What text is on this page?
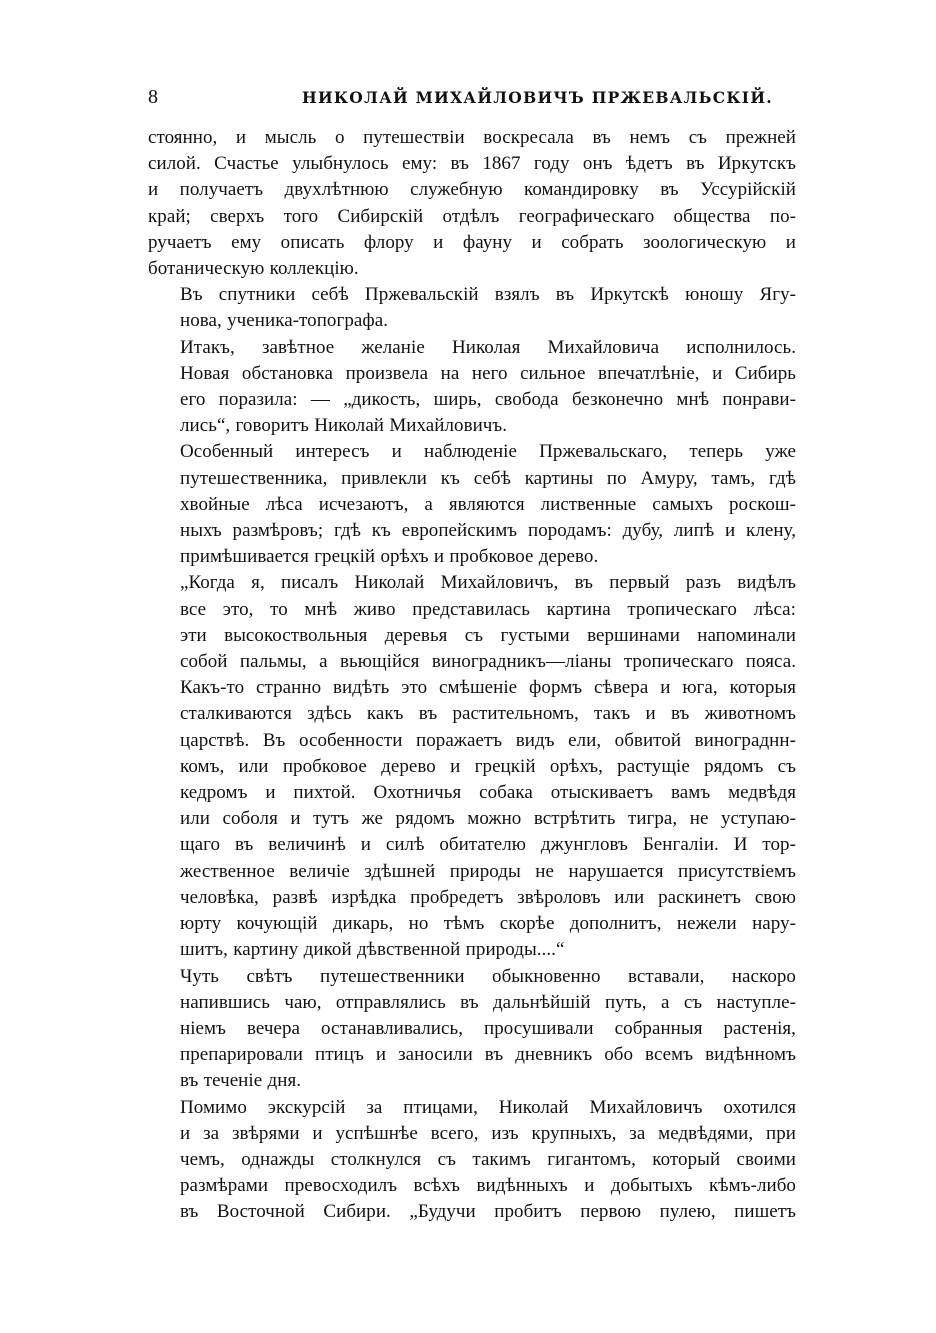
8	НИКОЛАЙ МИХАЙЛОВИЧЪ ПРЖЕВАЛЬСКІЙ.

стоянно, и мысль о путешествіи воскресала въ немъ съ прежней
силой. Счастье улыбнулось ему: въ 1867 году онъ ѣдетъ въ Иркутскъ
и получаетъ двухлѣтнюю служебную командировку въ Уссурійскій
край; сверхъ того Сибирскій отдѣлъ географическаго общества по-
ручаетъ ему описать флору и фауну и собрать зоологическую и
ботаническую коллекцію.

Въ спутники себѣ Пржевальскій взялъ въ Иркутскѣ юношу Ягу-
нова, ученика-топографа.

Итакъ, завѣтное желаніе Николая Михайловича исполнилось.
Новая обстановка произвела на него сильное впечатлѣніе, и Сибирь
его поразила: — „дикость, ширь, свобода безконечно мнѣ понрави-
лись“, говоритъ Николай Михайловичъ.

Особенный интересъ и наблюденіе Пржевальскаго, теперь уже
путешественника, привлекли къ себѣ картины по Амуру, тамъ, гдѣ
хвойные лѣса исчезаютъ, а являются лиственные самыхъ роскош-
ныхъ размѣровъ; гдѣ къ европейскимъ породамъ: дубу, липѣ и клену,
примѣшивается грецкій орѣхъ и пробковое дерево.

„Когда я, писалъ Николай Михайловичъ, въ первый разъ видѣлъ
все это, то мнѣ живо представилась картина тропическаго лѣса:
эти высокоствольныя деревья съ густыми вершинами напоминали
собой пальмы, а вьющійся виноградникъ—ліаны тропическаго пояса.
Какъ-то странно видѣть это смѣшеніе формъ сѣвера и юга, которыя
сталкиваются здѣсь какъ въ растительномъ, такъ и въ животномъ
царствѣ. Въ особенности поражаетъ видъ ели, обвитой винограднн-
комъ, или пробковое дерево и грецкій орѣхъ, растущіе рядомъ съ
кедромъ и пихтой. Охотничья собака отыскиваетъ вамъ медвѣдя
или соболя и тутъ же рядомъ можно встрѣтить тигра, не уступаю-
щаго въ величинѣ и силѣ обитателю джунгловъ Бенгаліи. И тор-
жественное величіе здѣшней природы не нарушается присутствіемъ
человѣка, развѣ изрѣдка пробредетъ звѣроловъ или раскинетъ свою
юрту кочующій дикарь, но тѣмъ скорѣе дополнитъ, нежели нару-
шитъ, картину дикой дѣвственной природы....“

Чуть свѣтъ путешественники обыкновенно вставали, наскоро
напившись чаю, отправлялись въ дальнѣйшій путь, а съ наступле-
ніемъ вечера останавливались, просушивали собранныя растенія,
препарировали птицъ и заносили въ дневникъ обо всемъ видѣнномъ
въ теченіе дня.

Помимо экскурсій за птицами, Николай Михайловичъ охотился
и за звѣрями и успѣшнѣе всего, изъ крупныхъ, за медвѣдями, при
чемъ, однажды столкнулся съ такимъ гигантомъ, который своими
размѣрами превосходилъ всѣхъ видѣнныхъ и добытыхъ кѣмъ-либо
въ Восточной Сибири. „Будучи пробитъ первою пулею, пишетъ
